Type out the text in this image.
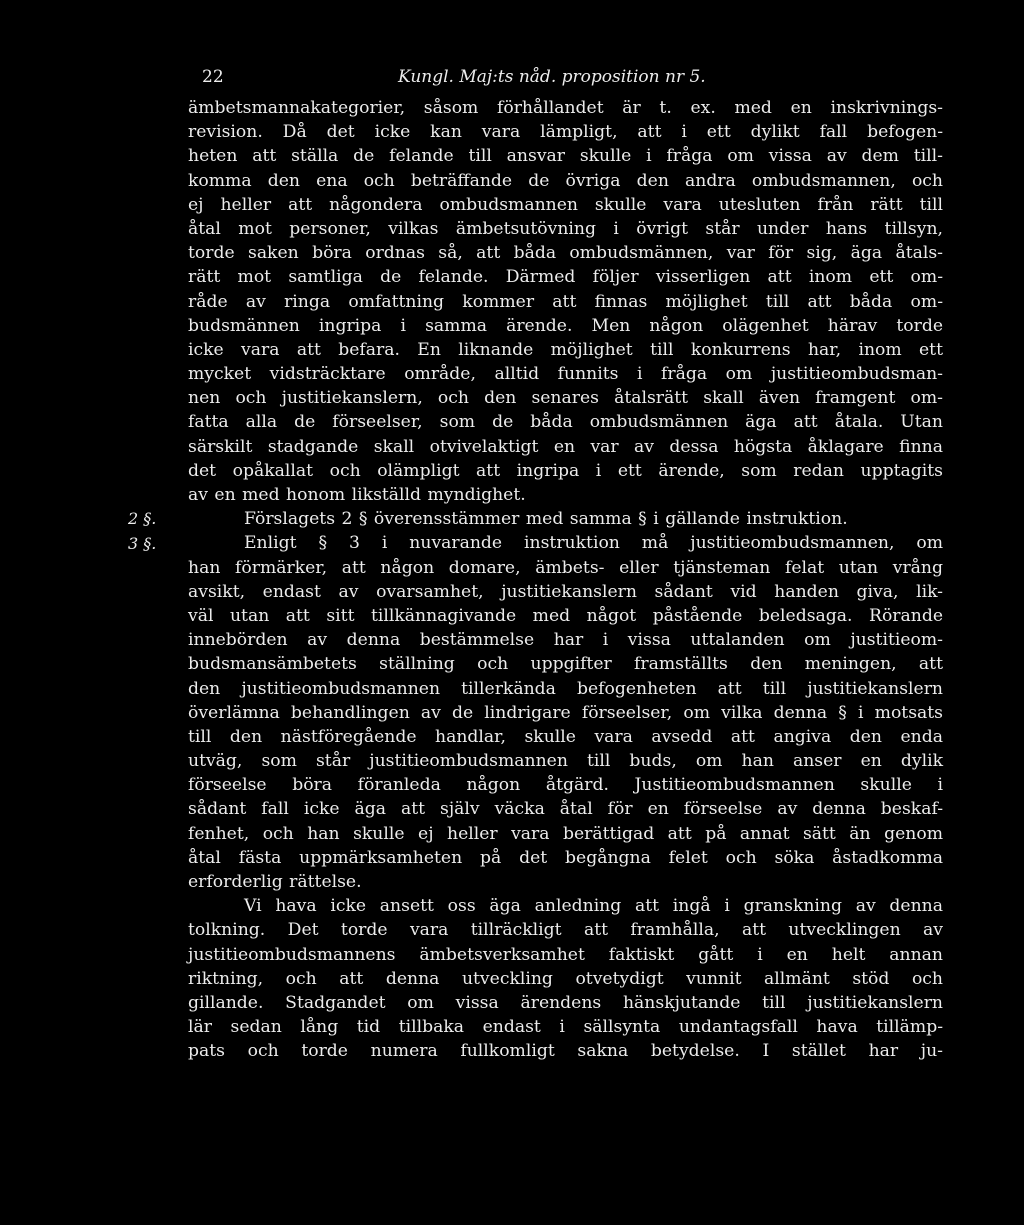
22	Kungl. Maj:ts nåd. proposition nr 5.
2 §.
3 §.
ämbetsmannakategorier, såsom förhållandet är t. ex. med en inskrivnings-
revision. Då det icke kan vara lämpligt, att i ett dylikt fall befogen-
heten att ställa de felande till ansvar skulle i fråga om vissa av dem till-
komma den ena och beträffande de övriga den andra ombudsmannen, och
ej heller att någondera ombudsmannen skulle vara utesluten från rätt till
åtal mot personer, vilkas ämbetsutövning i övrigt står under hans tillsyn,
torde saken böra ordnas så, att båda ombudsmännen, var för sig, äga åtals-
rätt mot samtliga de felande. Därmed följer visserligen att inom ett om-
råde av ringa omfattning kommer att finnas möjlighet till att båda om-
budsmännen ingripa i samma ärende. Men någon olägenhet härav torde
icke vara att befara. En liknande möjlighet till konkurrens har, inom ett
mycket vidsträcktare område, alltid funnits i fråga om justitieombudsman-
nen och justitiekanslern, och den senares åtalsrätt skall även framgent om-
fatta alla de förseelser, som de båda ombudsmännen äga att åtala. Utan
särskilt stadgande skall otvivelaktigt en var av dessa högsta åklagare finna
det opåkallat och olämpligt att ingripa i ett ärende, som redan upptagits
av en med honom likställd myndighet.
Förslagets 2 § överensstämmer med samma § i gällande instruktion.
Enligt § 3 i nuvarande instruktion må justitieombudsmannen, om
han förmärker, att någon domare, ämbets- eller tjänsteman felat utan vrång
avsikt, endast av ovarsamhet, justitiekanslern sådant vid handen giva, lik-
väl utan att sitt tillkännagivande med något påstående beledsaga. Rörande
innebörden av denna bestämmelse har i vissa uttalanden om justitieom-
budsmansämbetets ställning och uppgifter framställts den meningen, att
den justitieombudsmannen tillerkända befogenheten att till justitiekanslern
överlämna behandlingen av de lindrigare förseelser, om vilka denna § i motsats
till den nästföregående handlar, skulle vara avsedd att angiva den enda
utväg, som står justitieombudsmannen till buds, om han anser en dylik
förseelse böra föranleda någon åtgärd. Justitieombudsmannen skulle i
sådant fall icke äga att själv väcka åtal för en förseelse av denna beskaf-
fenhet, och han skulle ej heller vara berättigad att på annat sätt än genom
åtal fästa uppmärksamheten på det begångna felet och söka åstadkomma
erforderlig rättelse.
Vi hava icke ansett oss äga anledning att ingå i granskning av denna
tolkning. Det torde vara tillräckligt att framhålla, att utvecklingen av
justitieombudsmannens ämbetsverksamhet faktiskt gått i en helt annan
riktning, och att denna utveckling otvetydigt vunnit allmänt stöd och
gillande. Stadgandet om vissa ärendens hänskjutande till justitiekanslern
lär sedan lång tid tillbaka endast i sällsynta undantagsfall hava tillämp-
pats och torde numera fullkomligt sakna betydelse. I stället har ju-
